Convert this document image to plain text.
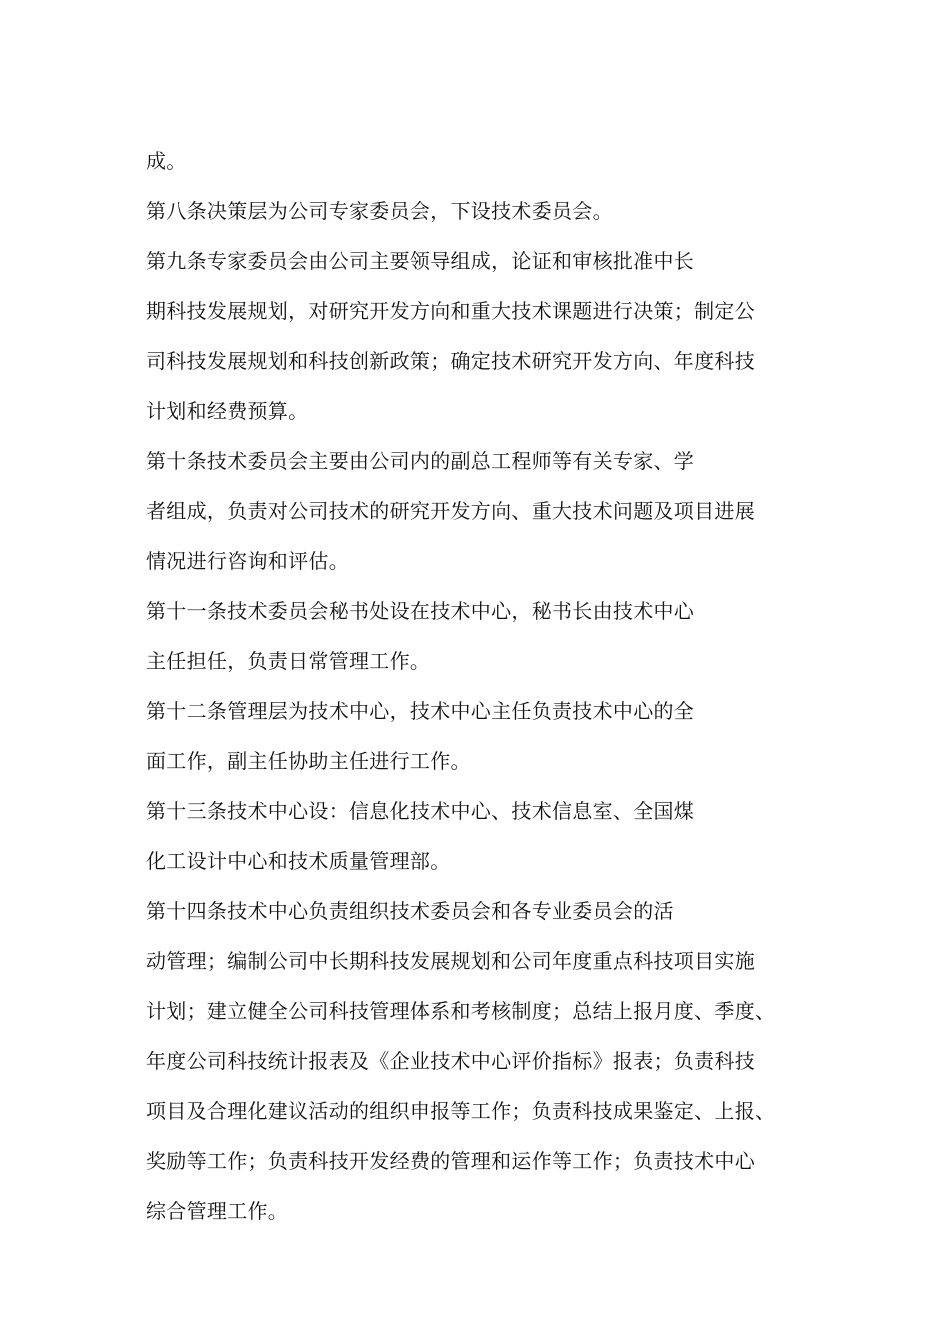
成。
第八条决策层为公司专家委员会，下设技术委员会。
第九条专家委员会由公司主要领导组成，论证和审核批准中长
期科技发展规划，对研究开发方向和重大技术课题进行决策；制定公
司科技发展规划和科技创新政策；确定技术研究开发方向、年度科技
计划和经费预算。
第十条技术委员会主要由公司内的副总工程师等有关专家、学
者组成，负责对公司技术的研究开发方向、重大技术问题及项目进展
情况进行咨询和评估。
第十一条技术委员会秘书处设在技术中心，秘书长由技术中心
主任担任，负责日常管理工作。
第十二条管理层为技术中心，技术中心主任负责技术中心的全
面工作，副主任协助主任进行工作。
第十三条技术中心设：信息化技术中心、技术信息室、全国煤
化工设计中心和技术质量管理部。
第十四条技术中心负责组织技术委员会和各专业委员会的活
动管理；编制公司中长期科技发展规划和公司年度重点科技项目实施
计划；建立健全公司科技管理体系和考核制度；总结上报月度、季度、
年度公司科技统计报表及《企业技术中心评价指标》报表；负责科技
项目及合理化建议活动的组织申报等工作；负责科技成果鉴定、上报、
奖励等工作；负责科技开发经费的管理和运作等工作；负责技术中心
综合管理工作。
